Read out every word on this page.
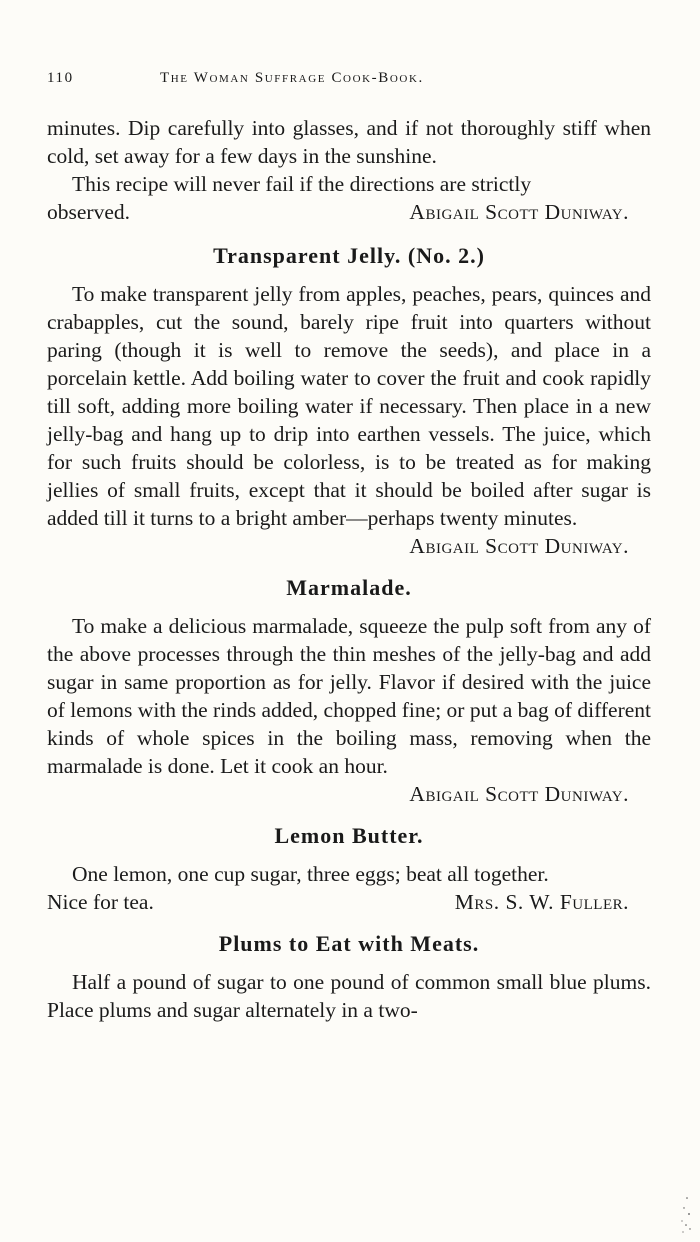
110	The Woman Suffrage Cook-Book.

minutes. Dip carefully into glasses, and if not thoroughly stiff when cold, set away for a few days in the sunshine.

This recipe will never fail if the directions are strictly

observed.	Abigail Scott Duniway.
Transparent Jelly. (No. 2.)

To make transparent jelly from apples, peaches, pears, quinces and crabapples, cut the sound, barely ripe fruit into quarters without paring (though it is well to remove the seeds), and place in a porcelain kettle. Add boiling water to cover the fruit and cook rapidly till soft, adding more boiling water if necessary. Then place in a new jelly-bag and hang up to drip into earthen vessels. The juice, which for such fruits should be colorless, is to be treated as for making jellies of small fruits, except that it should be boiled after sugar is added till it turns to a bright amber—perhaps twenty minutes.

Abigail Scott Duniway.

Marmalade.

To make a delicious marmalade, squeeze the pulp soft from any of the above processes through the thin meshes of the jelly-bag and add sugar in same proportion as for jelly. Flavor if desired with the juice of lemons with the rinds added, chopped fine; or put a bag of different kinds of whole spices in the boiling mass, removing when the marmalade is done. Let it cook an hour.

Abigail Scott Duniway.

Lemon Butter.

One lemon, one cup sugar, three eggs; beat all together.

Nice for tea.	Mrs. S. W. Fuller.
Plums to Eat with Meats.

Half a pound of sugar to one pound of common small blue plums. Place plums and sugar alternately in a two-
